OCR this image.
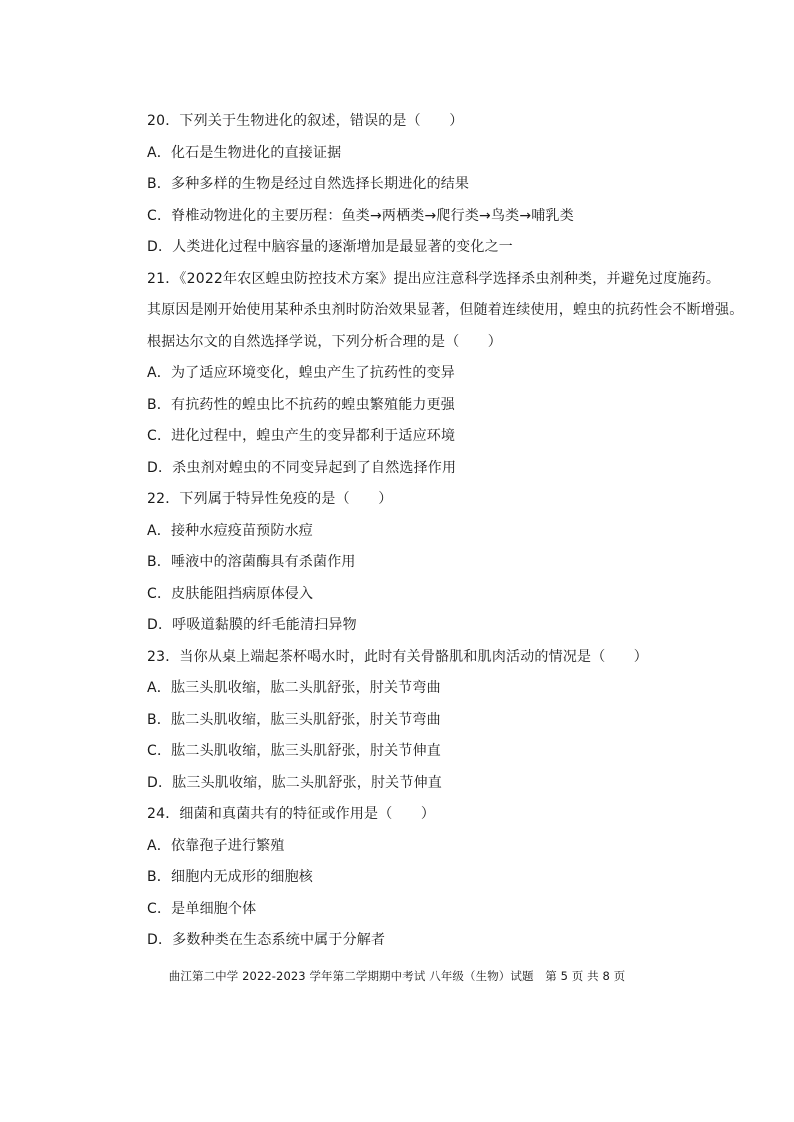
20．下列关于生物进化的叙述，错误的是（　　）
A．化石是生物进化的直接证据
B．多种多样的生物是经过自然选择长期进化的结果
C．脊椎动物进化的主要历程：鱼类→两栖类→爬行类→鸟类→哺乳类
D．人类进化过程中脑容量的逐渐增加是最显著的变化之一
21．《2022年农区蝗虫防控技术方案》提出应注意科学选择杀虫剂种类，并避免过度施药。
其原因是刚开始使用某种杀虫剂时防治效果显著，但随着连续使用，蝗虫的抗药性会不断增强。
根据达尔文的自然选择学说，下列分析合理的是（　　）
A．为了适应环境变化，蝗虫产生了抗药性的变异
B．有抗药性的蝗虫比不抗药的蝗虫繁殖能力更强
C．进化过程中，蝗虫产生的变异都利于适应环境
D．杀虫剂对蝗虫的不同变异起到了自然选择作用
22．下列属于特异性免疫的是（　　）
A．接种水痘疫苗预防水痘
B．唾液中的溶菌酶具有杀菌作用
C．皮肤能阻挡病原体侵入
D．呼吸道黏膜的纤毛能清扫异物
23．当你从桌上端起茶杯喝水时，此时有关骨骼肌和肌肉活动的情况是（　　）
A．肱三头肌收缩，肱二头肌舒张，肘关节弯曲
B．肱二头肌收缩，肱三头肌舒张，肘关节弯曲
C．肱二头肌收缩，肱三头肌舒张，肘关节伸直
D．肱三头肌收缩，肱二头肌舒张，肘关节伸直
24．细菌和真菌共有的特征或作用是（　　）
A．依靠孢子进行繁殖
B．细胞内无成形的细胞核
C．是单细胞个体
D．多数种类在生态系统中属于分解者
曲江第二中学 2022-2023 学年第二学期期中考试 八年级（生物）试题　第 5 页 共 8 页
